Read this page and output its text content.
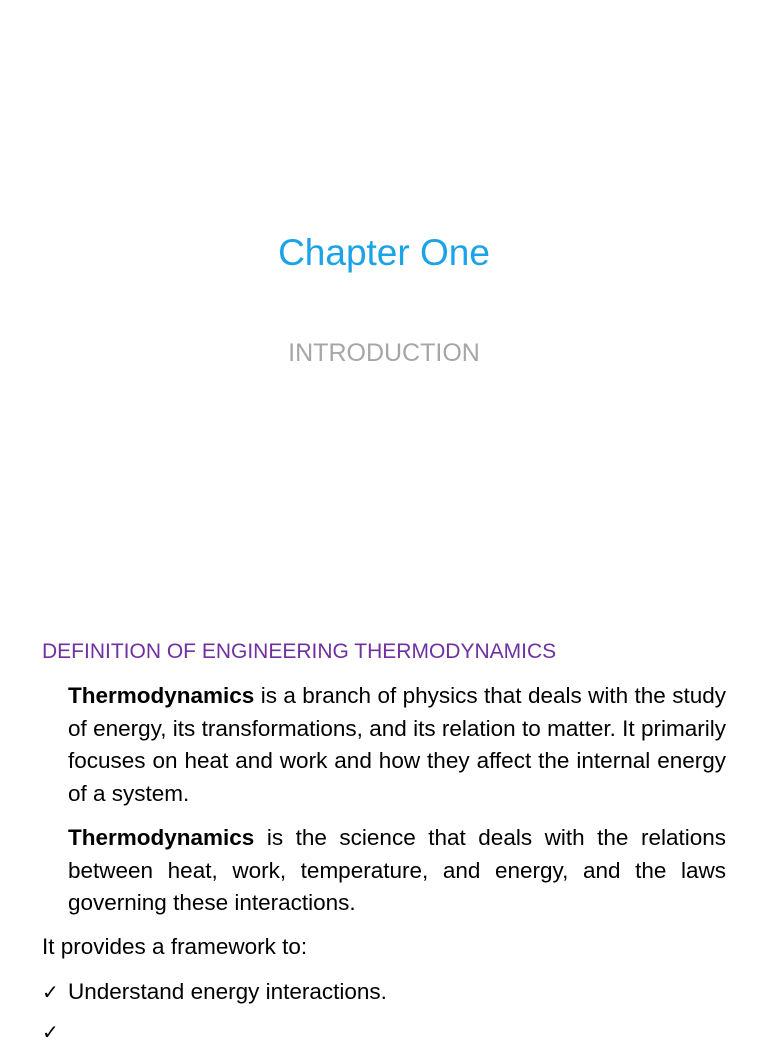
Chapter One
INTRODUCTION
DEFINITION OF ENGINEERING THERMODYNAMICS

Thermodynamics is a branch of physics that deals with the study of energy, its transformations, and its relation to matter. It primarily focuses on heat and work and how they affect the internal energy of a system.

Thermodynamics is the science that deals with the relations between heat, work, temperature, and energy, and the laws governing these interactions.

It provides a framework to:
✓ Understand energy interactions.
✓
